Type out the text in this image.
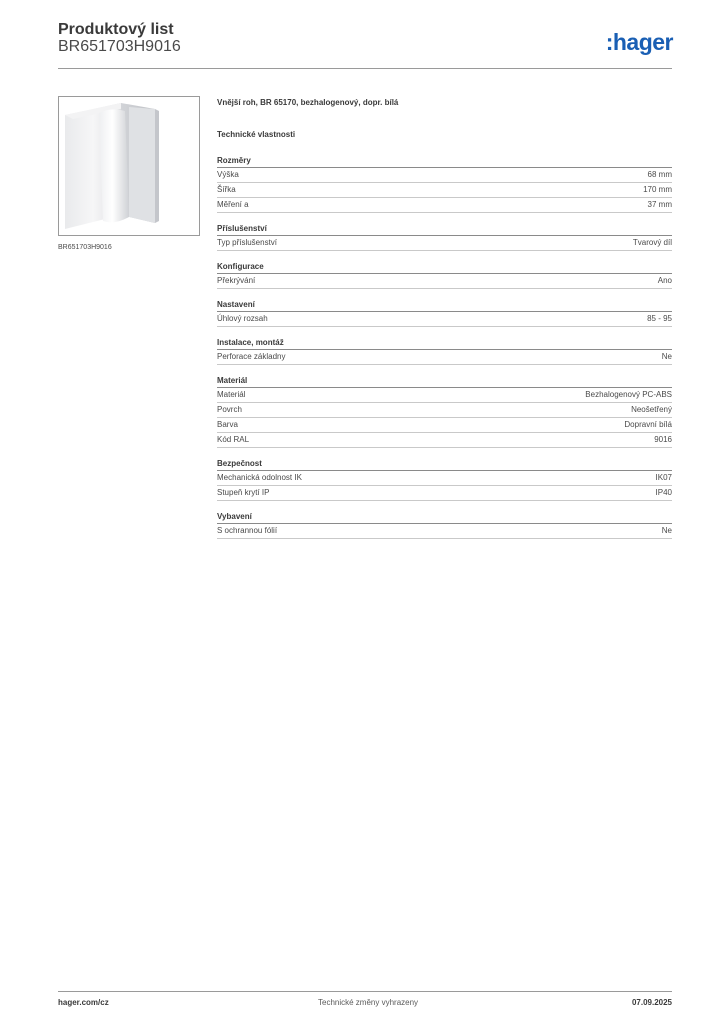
Produktový list
BR651703H9016	:hager
BR651703H9016
Vnější roh, BR 65170, bezhalogenový, dopr. bílá
Technické vlastnosti
Rozměry
Výška	68 mm
Šířka	170 mm
Měření a	37 mm
Příslušenství
Typ příslušenství	Tvarový díl
Konfigurace
Překrývání	Ano
Nastavení
Úhlový rozsah	85 - 95
Instalace, montáž
Perforace základny	Ne
Materiál
Materiál	Bezhalogenový PC-ABS
Povrch	Neošetřený
Barva	Dopravní bílá
Kód RAL	9016
Bezpečnost
Mechanická odolnost IK	IK07
Stupeň krytí IP	IP40
Vybavení
S ochrannou fólií	Ne
hager.com/cz	Technické změny vyhrazeny	07.09.2025
